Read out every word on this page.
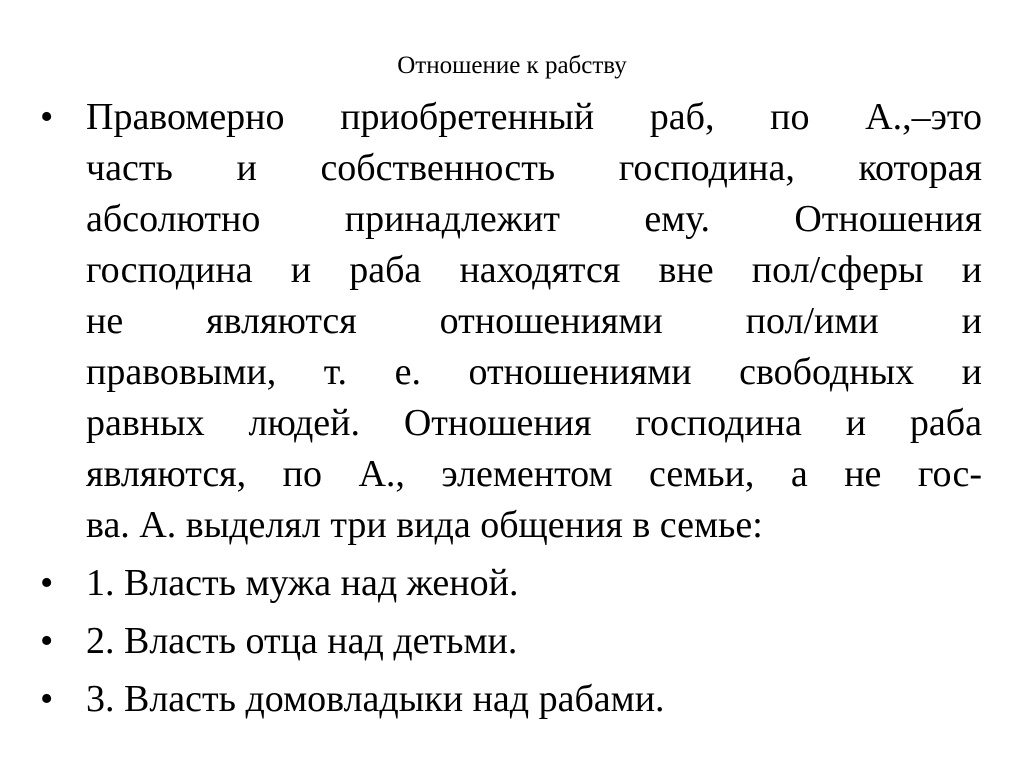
Отношение к рабству
• Правомерно приобретенный раб, по А.,–это
часть и собственность господина, которая
абсолютно принадлежит ему. Отношения
господина и раба находятся вне пол/сферы и
не являются отношениями пол/ими и
правовыми, т. е. отношениями свободных и
равных людей. Отношения господина и раба
являются, по А., элементом семьи, а не гос-
ва. А. выделял три вида общения в семье:
• 1. Власть мужа над женой.
• 2. Власть отца над детьми.
• 3. Власть домовладыки над рабами.
